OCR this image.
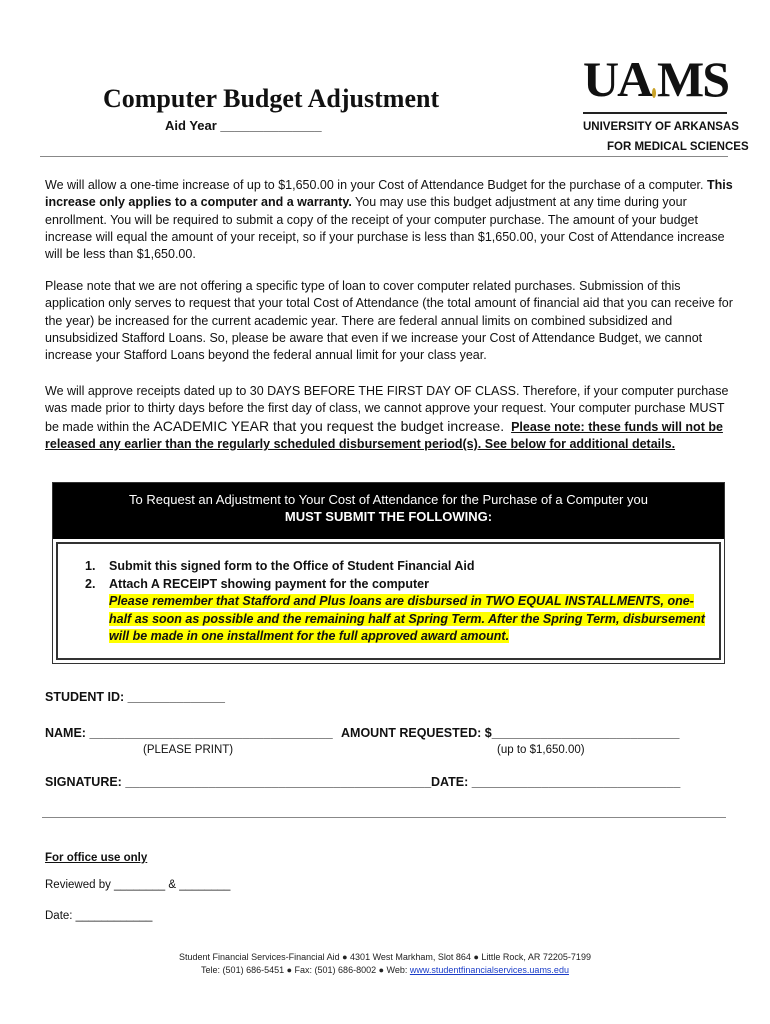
Computer Budget Adjustment
Aid Year ______________
UA MS
UNIVERSITY OF ARKANSAS
FOR MEDICAL SCIENCES
We will allow a one-time increase of up to $1,650.00 in your Cost of Attendance Budget for the purchase of a computer. This increase only applies to a computer and a warranty. You may use this budget adjustment at any time during your enrollment. You will be required to submit a copy of the receipt of your computer purchase. The amount of your budget increase will equal the amount of your receipt, so if your purchase is less than $1,650.00, your Cost of Attendance increase will be less than $1,650.00.
Please note that we are not offering a specific type of loan to cover computer related purchases. Submission of this application only serves to request that your total Cost of Attendance (the total amount of financial aid that you can receive for the year) be increased for the current academic year. There are federal annual limits on combined subsidized and unsubsidized Stafford Loans. So, please be aware that even if we increase your Cost of Attendance Budget, we cannot increase your Stafford Loans beyond the federal annual limit for your class year.
We will approve receipts dated up to 30 DAYS BEFORE THE FIRST DAY OF CLASS. Therefore, if your computer purchase was made prior to thirty days before the first day of class, we cannot approve your request. Your computer purchase MUST be made within the ACADEMIC YEAR that you request the budget increase. Please note: these funds will not be released any earlier than the regularly scheduled disbursement period(s). See below for additional details.
To Request an Adjustment to Your Cost of Attendance for the Purchase of a Computer you
MUST SUBMIT THE FOLLOWING:
1.	Submit this signed form to the Office of Student Financial Aid
2.	Attach A RECEIPT showing payment for the computer
Please remember that Stafford and Plus loans are disbursed in TWO EQUAL INSTALLMENTS, one-half as soon as possible and the remaining half at Spring Term. After the Spring Term, disbursement will be made in one installment for the full approved award amount.
STUDENT ID: ______________
NAME: ___________________________________
(PLEASE PRINT)
AMOUNT REQUESTED: $___________________________
(up to $1,650.00)
SIGNATURE: ____________________________________________ DATE: ______________________________
For office use only
Reviewed by ________ & ________
Date: ____________
Student Financial Services-Financial Aid ● 4301 West Markham, Slot 864 ● Little Rock, AR 72205-7199
Tele: (501) 686-5451 ● Fax: (501) 686-8002 ● Web: www.studentfinancialservices.uams.edu
